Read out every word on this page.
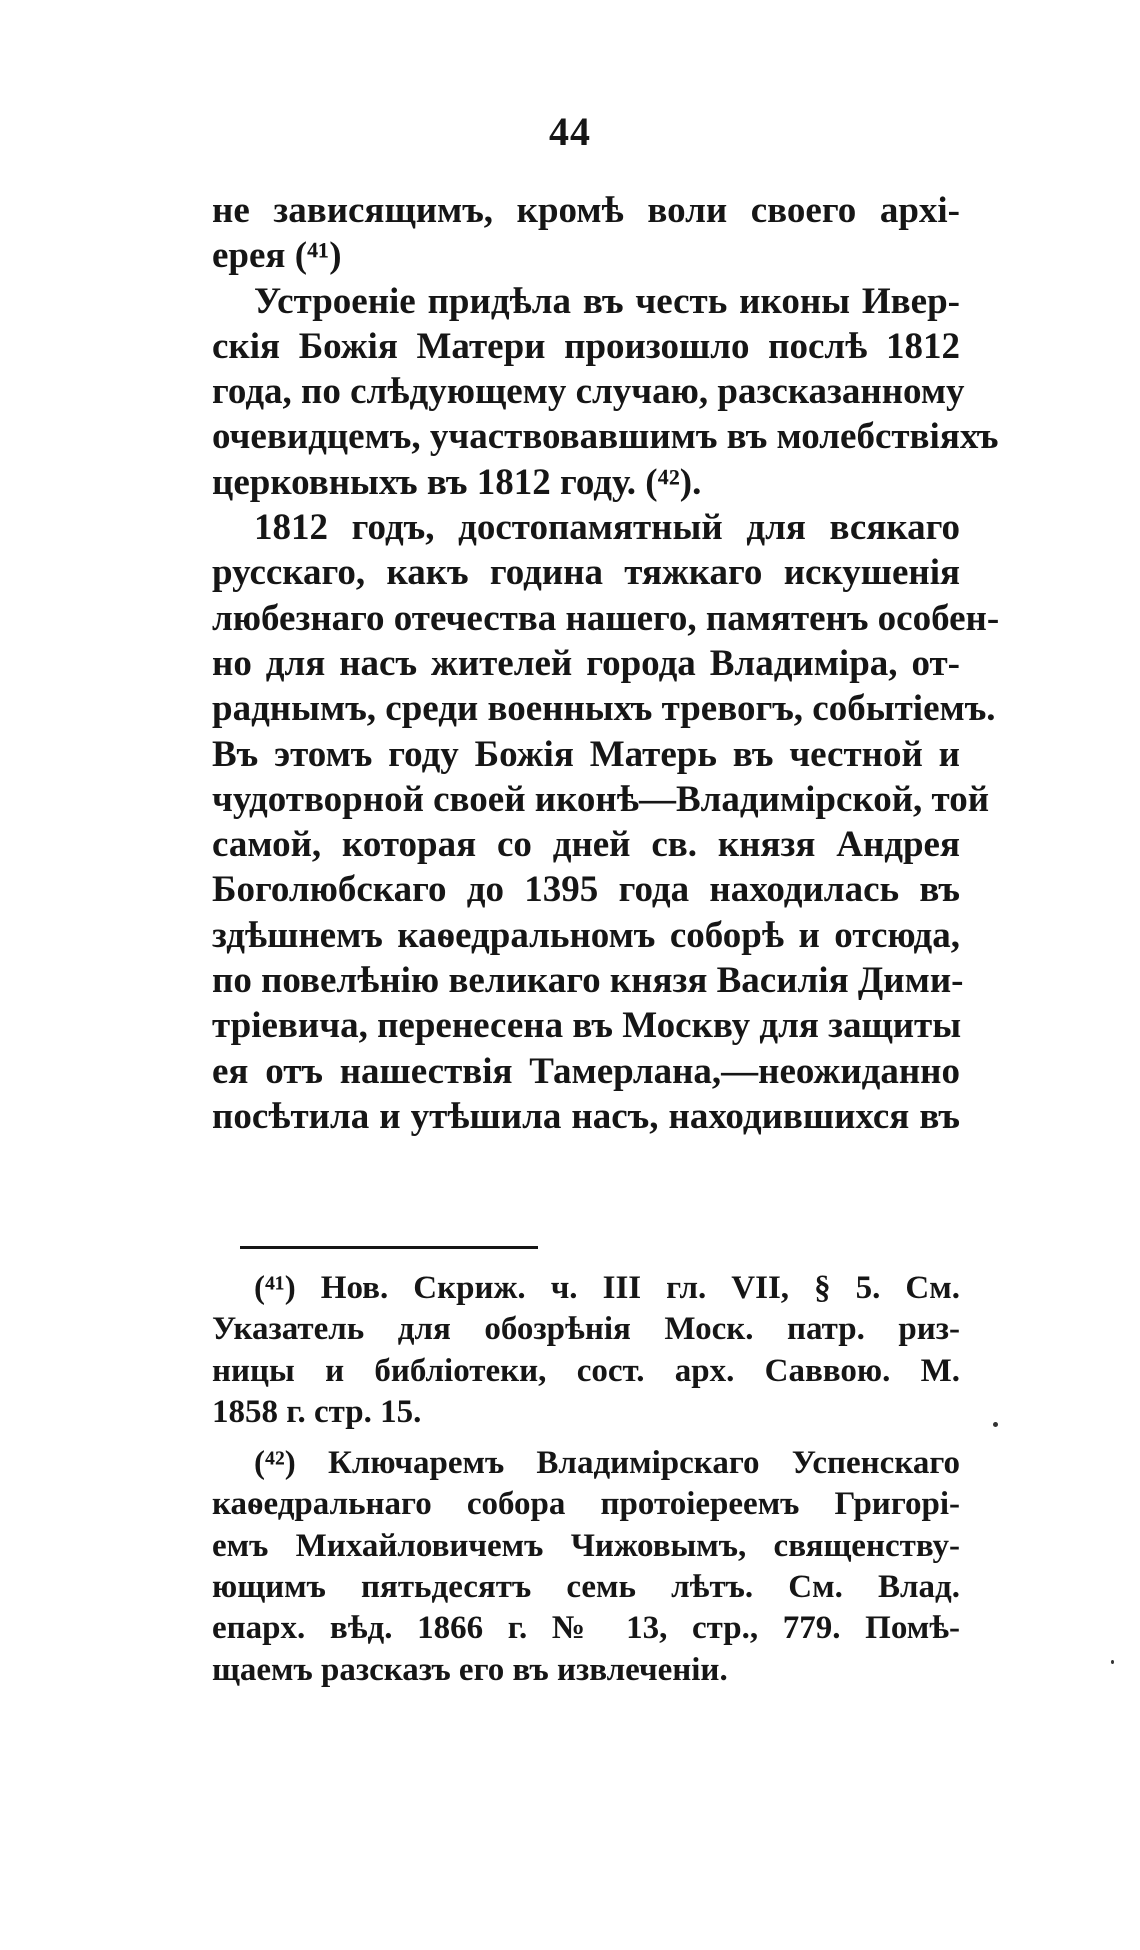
44
не зависящимъ, кромѣ воли своего архі-
ерея (⁴¹)
Устроеніе придѣла въ честь иконы Ивер-
скія Божія Матери произошло послѣ 1812
года, по слѣдующему случаю, разсказанному
очевидцемъ, участвовавшимъ въ молебствіяхъ
церковныхъ въ 1812 году. (⁴²).
1812 годъ, достопамятный для всякаго
русскаго, какъ година тяжкаго искушенія
любезнаго отечества нашего, памятенъ особен-
но для насъ жителей города Владиміра, от-
раднымъ, среди военныхъ тревогъ, событіемъ.
Въ этомъ году Божія Матерь въ честной и
чудотворной своей иконѣ—Владимірской, той
самой, которая со дней св. князя Андрея
Боголюбскаго до 1395 года находилась въ
здѣшнемъ каѳедральномъ соборѣ и отсюда,
по повелѣнію великаго князя Василія Дими-
тріевича, перенесена въ Москву для защиты
ея отъ нашествія Тамерлана,—неожиданно
посѣтила и утѣшила насъ, находившихся въ
(⁴¹) Нов. Скриж. ч. III гл. VII, § 5. См.
Указатель для обозрѣнія Моск. патр. риз-
ницы и библіотеки, сост. арх. Саввою. М.
1858 г. стр. 15.
(⁴²) Ключаремъ Владимірскаго Успенскаго
каѳедральнаго собора протоіереемъ Григорі-
емъ Михайловичемъ Чижовымъ, священству-
ющимъ пятьдесятъ семь лѣтъ. См. Влад.
епарх. вѣд. 1866 г. № 13, стр., 779. Помѣ-
щаемъ разсказъ его въ извлеченіи.
